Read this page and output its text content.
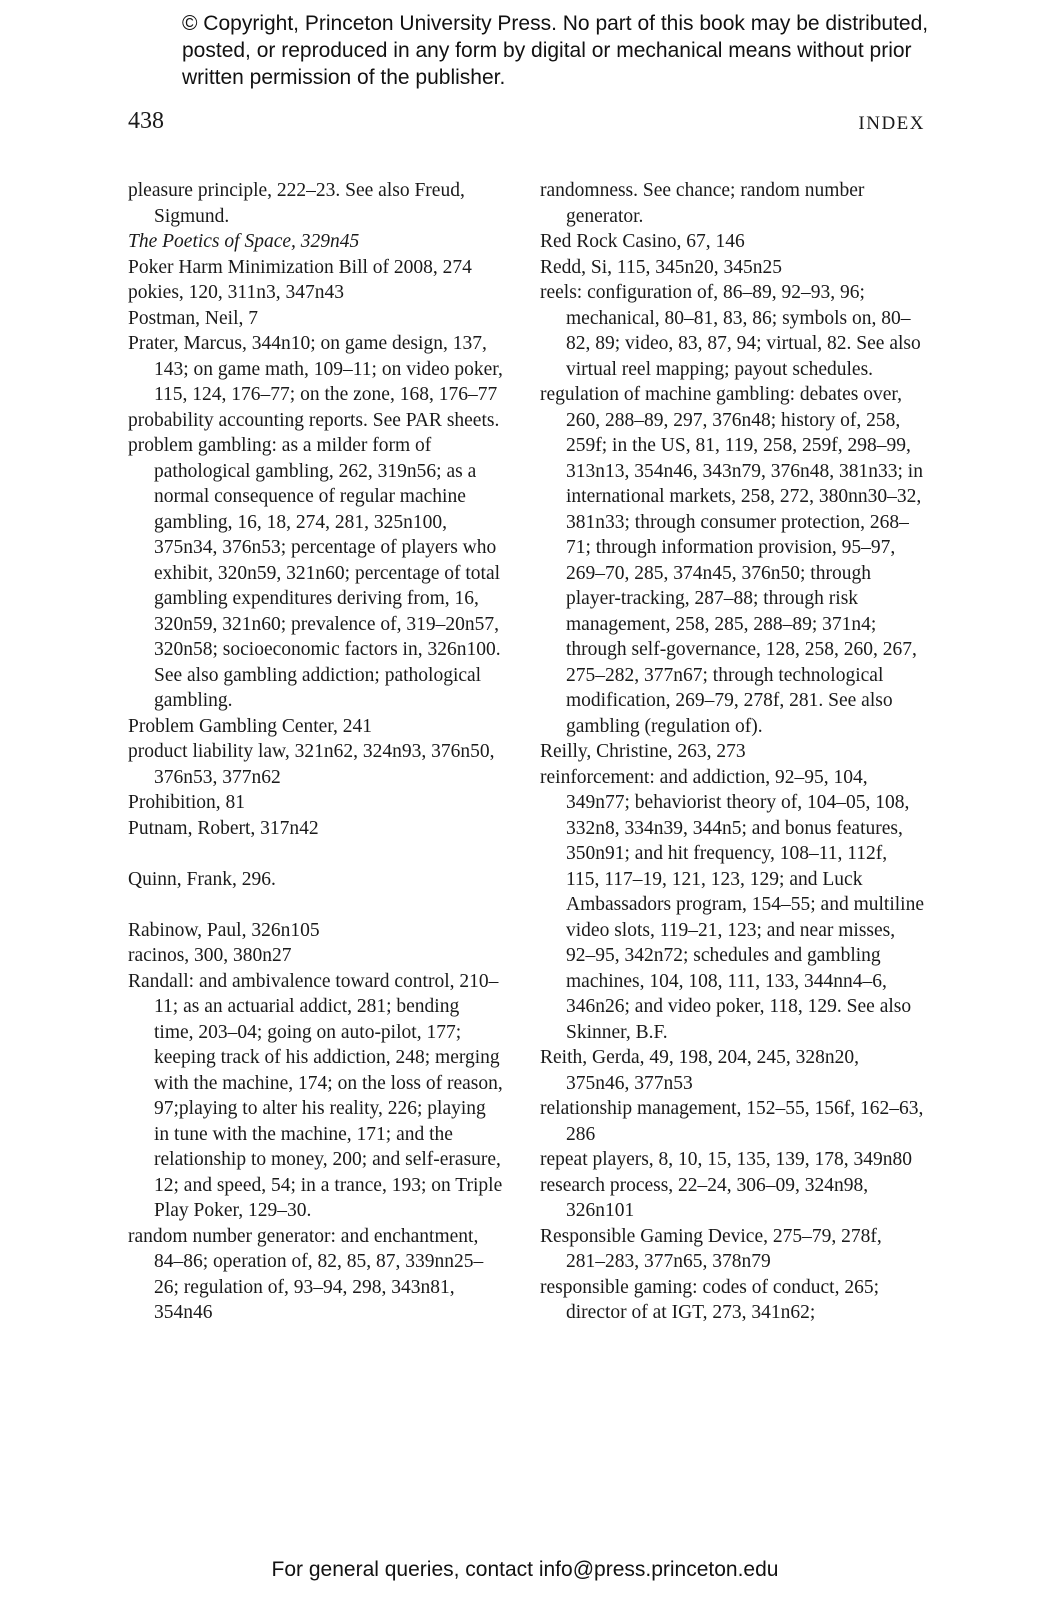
© Copyright, Princeton University Press. No part of this book may be distributed, posted, or reproduced in any form by digital or mechanical means without prior written permission of the publisher.
438	INDEX

pleasure principle, 222–23. See also Freud, Sigmund.

The Poetics of Space, 329n45

Poker Harm Minimization Bill of 2008, 274

pokies, 120, 311n3, 347n43

Postman, Neil, 7

Prater, Marcus, 344n10; on game design, 137, 143; on game math, 109–11; on video poker, 115, 124, 176–77; on the zone, 168, 176–77

probability accounting reports. See PAR sheets.

problem gambling: as a milder form of pathological gambling, 262, 319n56; as a normal consequence of regular machine gambling, 16, 18, 274, 281, 325n100, 375n34, 376n53; percentage of players who exhibit, 320n59, 321n60; percentage of total gambling expenditures deriving from, 16, 320n59, 321n60; prevalence of, 319–20n57, 320n58; socioeconomic factors in, 326n100. See also gambling addiction; pathological gambling.

Problem Gambling Center, 241

product liability law, 321n62, 324n93, 376n50, 376n53, 377n62

Prohibition, 81

Putnam, Robert, 317n42

Quinn, Frank, 296.

Rabinow, Paul, 326n105

racinos, 300, 380n27

Randall: and ambivalence toward control, 210–11; as an actuarial addict, 281; bending time, 203–04; going on auto-pilot, 177; keeping track of his addiction, 248; merging with the machine, 174; on the loss of reason, 97;playing to alter his reality, 226; playing in tune with the machine, 171; and the relationship to money, 200; and self-erasure, 12; and speed, 54; in a trance, 193; on Triple Play Poker, 129–30.

random number generator: and enchantment, 84–86; operation of, 82, 85, 87, 339nn25–26; regulation of, 93–94, 298, 343n81, 354n46

randomness. See chance; random number generator.

Red Rock Casino, 67, 146

Redd, Si, 115, 345n20, 345n25

reels: configuration of, 86–89, 92–93, 96; mechanical, 80–81, 83, 86; symbols on, 80–82, 89; video, 83, 87, 94; virtual, 82. See also virtual reel mapping; payout schedules.

regulation of machine gambling: debates over, 260, 288–89, 297, 376n48; history of, 258, 259f; in the US, 81, 119, 258, 259f, 298–99, 313n13, 354n46, 343n79, 376n48, 381n33; in international markets, 258, 272, 380nn30–32, 381n33; through consumer protection, 268–71; through information provision, 95–97, 269–70, 285, 374n45, 376n50; through player-tracking, 287–88; through risk management, 258, 285, 288–89; 371n4; through self-governance, 128, 258, 260, 267, 275–282, 377n67; through technological modification, 269–79, 278f, 281. See also gambling (regulation of).

Reilly, Christine, 263, 273

reinforcement: and addiction, 92–95, 104, 349n77; behaviorist theory of, 104–05, 108, 332n8, 334n39, 344n5; and bonus features, 350n91; and hit frequency, 108–11, 112f, 115, 117–19, 121, 123, 129; and Luck Ambassadors program, 154–55; and multiline video slots, 119–21, 123; and near misses, 92–95, 342n72; schedules and gambling machines, 104, 108, 111, 133, 344nn4–6, 346n26; and video poker, 118, 129. See also Skinner, B.F.

Reith, Gerda, 49, 198, 204, 245, 328n20, 375n46, 377n53

relationship management, 152–55, 156f, 162–63, 286

repeat players, 8, 10, 15, 135, 139, 178, 349n80

research process, 22–24, 306–09, 324n98, 326n101

Responsible Gaming Device, 275–79, 278f, 281–283, 377n65, 378n79

responsible gaming: codes of conduct, 265; director of at IGT, 273, 341n62;

For general queries, contact info@press.princeton.edu
